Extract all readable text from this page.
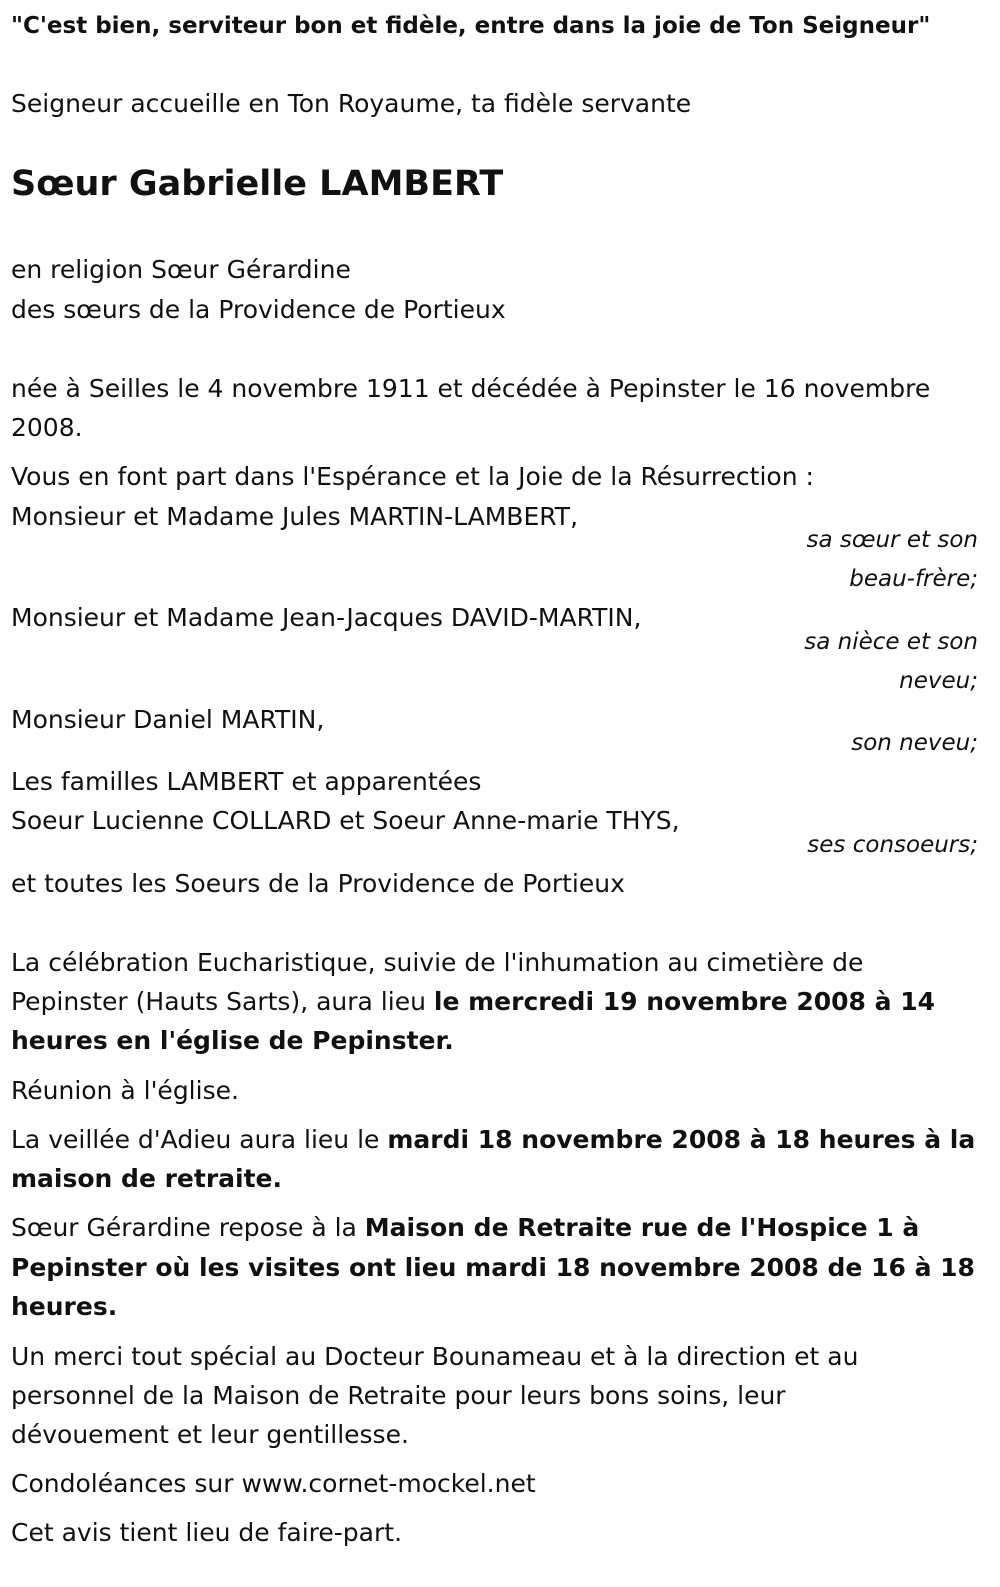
"C'est bien, serviteur bon et fidèle, entre dans la joie de Ton Seigneur"
Seigneur accueille en Ton Royaume, ta fidèle servante
Sœur Gabrielle LAMBERT
en religion Sœur Gérardine
des sœurs de la Providence de Portieux
née à Seilles le 4 novembre 1911 et décédée à Pepinster le 16 novembre
2008.
Vous en font part dans l'Espérance et la Joie de la Résurrection :
Monsieur et Madame Jules MARTIN-LAMBERT,
sa sœur et son
beau-frère;
Monsieur et Madame Jean-Jacques DAVID-MARTIN,
sa nièce et son
neveu;
Monsieur Daniel MARTIN,
son neveu;
Les familles LAMBERT et apparentées
Soeur Lucienne COLLARD et Soeur Anne-marie THYS,
ses consoeurs;
et toutes les Soeurs de la Providence de Portieux
La célébration Eucharistique, suivie de l'inhumation au cimetière de
Pepinster (Hauts Sarts), aura lieu le mercredi 19 novembre 2008 à 14
heures en l'église de Pepinster.
Réunion à l'église.
La veillée d'Adieu aura lieu le mardi 18 novembre 2008 à 18 heures à la
maison de retraite.
Sœur Gérardine repose à la Maison de Retraite rue de l'Hospice 1 à
Pepinster où les visites ont lieu mardi 18 novembre 2008 de 16 à 18
heures.
Un merci tout spécial au Docteur Bounameau et à la direction et au
personnel de la Maison de Retraite pour leurs bons soins, leur
dévouement et leur gentillesse.
Condoléances sur www.cornet-mockel.net
Cet avis tient lieu de faire-part.
